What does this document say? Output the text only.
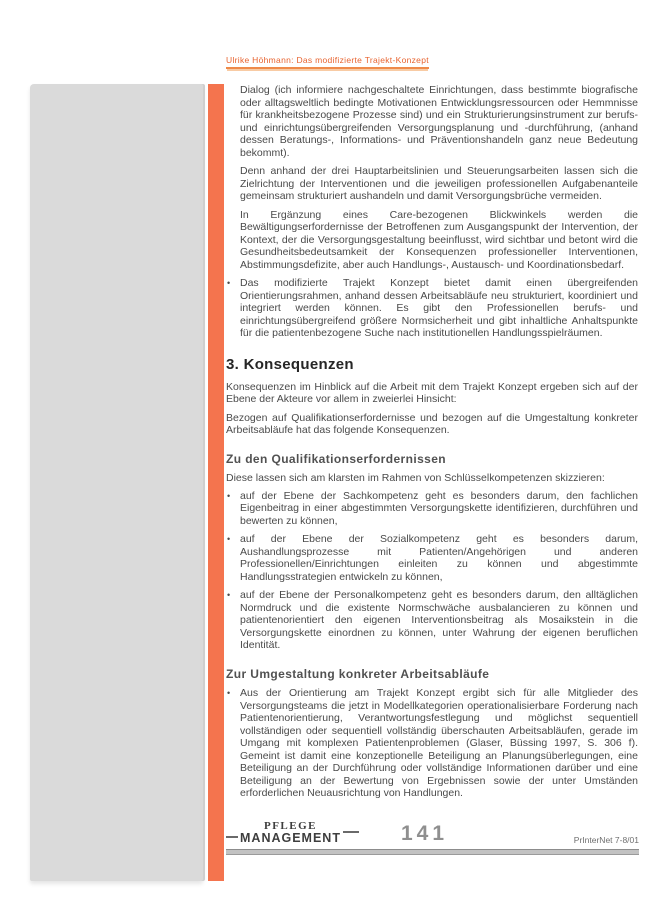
Ulrike Höhmann: Das modifizierte Trajekt-Konzept
Dialog (ich informiere nachgeschaltete Einrichtungen, dass bestimmte biografische oder alltagsweltlich bedingte Motivationen Entwicklungsressourcen oder Hemmnisse für krankheitsbezogene Prozesse sind) und ein Strukturierungsinstrument zur berufs- und einrichtungsübergreifenden Versorgungsplanung und -durchführung, (anhand dessen Beratungs-, Informations- und Präventionshandeln ganz neue Bedeutung bekommt).
Denn anhand der drei Hauptarbeitslinien und Steuerungsarbeiten lassen sich die Zielrichtung der Interventionen und die jeweiligen professionellen Aufgabenanteile gemeinsam strukturiert aushandeln und damit Versorgungsbrüche vermeiden.
In Ergänzung eines Care-bezogenen Blickwinkels werden die Bewältigungserfordernisse der Betroffenen zum Ausgangspunkt der Intervention, der Kontext, der die Versorgungsgestaltung beeinflusst, wird sichtbar und betont wird die Gesundheitsbedeutsamkeit der Konsequenzen professioneller Interventionen, Abstimmungsdefizite, aber auch Handlungs-, Austausch- und Koordinationsbedarf.
• Das modifizierte Trajekt Konzept bietet damit einen übergreifenden Orientierungsrahmen, anhand dessen Arbeitsabläufe neu strukturiert, koordiniert und integriert werden können. Es gibt den Professionellen berufs- und einrichtungsübergreifend größere Normsicherheit und gibt inhaltliche Anhaltspunkte für die patientenbezogene Suche nach institutionellen Handlungsspielräumen.
3. Konsequenzen
Konsequenzen im Hinblick auf die Arbeit mit dem Trajekt Konzept ergeben sich auf der Ebene der Akteure vor allem in zweierlei Hinsicht:
Bezogen auf Qualifikationserfordernisse und bezogen auf die Umgestaltung konkreter Arbeitsabläufe hat das folgende Konsequenzen.
Zu den Qualifikationserfordernissen
Diese lassen sich am klarsten im Rahmen von Schlüsselkompetenzen skizzieren:
• auf der Ebene der Sachkompetenz geht es besonders darum, den fachlichen Eigenbeitrag in einer abgestimmten Versorgungskette identifizieren, durchführen und bewerten zu können,
• auf der Ebene der Sozialkompetenz geht es besonders darum, Aushandlungsprozesse mit Patienten/Angehörigen und anderen Professionellen/Einrichtungen einleiten zu können und abgestimmte Handlungsstrategien entwickeln zu können,
• auf der Ebene der Personalkompetenz geht es besonders darum, den alltäglichen Normdruck und die existente Normschwäche ausbalancieren zu können und patientenorientiert den eigenen Interventionsbeitrag als Mosaikstein in die Versorgungskette einordnen zu können, unter Wahrung der eigenen beruflichen Identität.
Zur Umgestaltung konkreter Arbeitsabläufe
• Aus der Orientierung am Trajekt Konzept ergibt sich für alle Mitglieder des Versorgungsteams die jetzt in Modellkategorien operationalisierbare Forderung nach Patientenorientierung, Verantwortungsfestlegung und möglichst sequentiell vollständigen oder sequentiell vollständig überschauten Arbeitsabläufen, gerade im Umgang mit komplexen Patientenproblemen (Glaser, Büssing 1997, S. 306 f). Gemeint ist damit eine konzeptionelle Beteiligung an Planungsüberlegungen, eine Beteiligung an der Durchführung oder vollständige Informationen darüber und eine Beteiligung an der Bewertung von Ergebnissen sowie der unter Umständen erforderlichen Neuausrichtung von Handlungen.
PFLEGE
MANAGEMENT	141	PrInterNet 7-8/01
